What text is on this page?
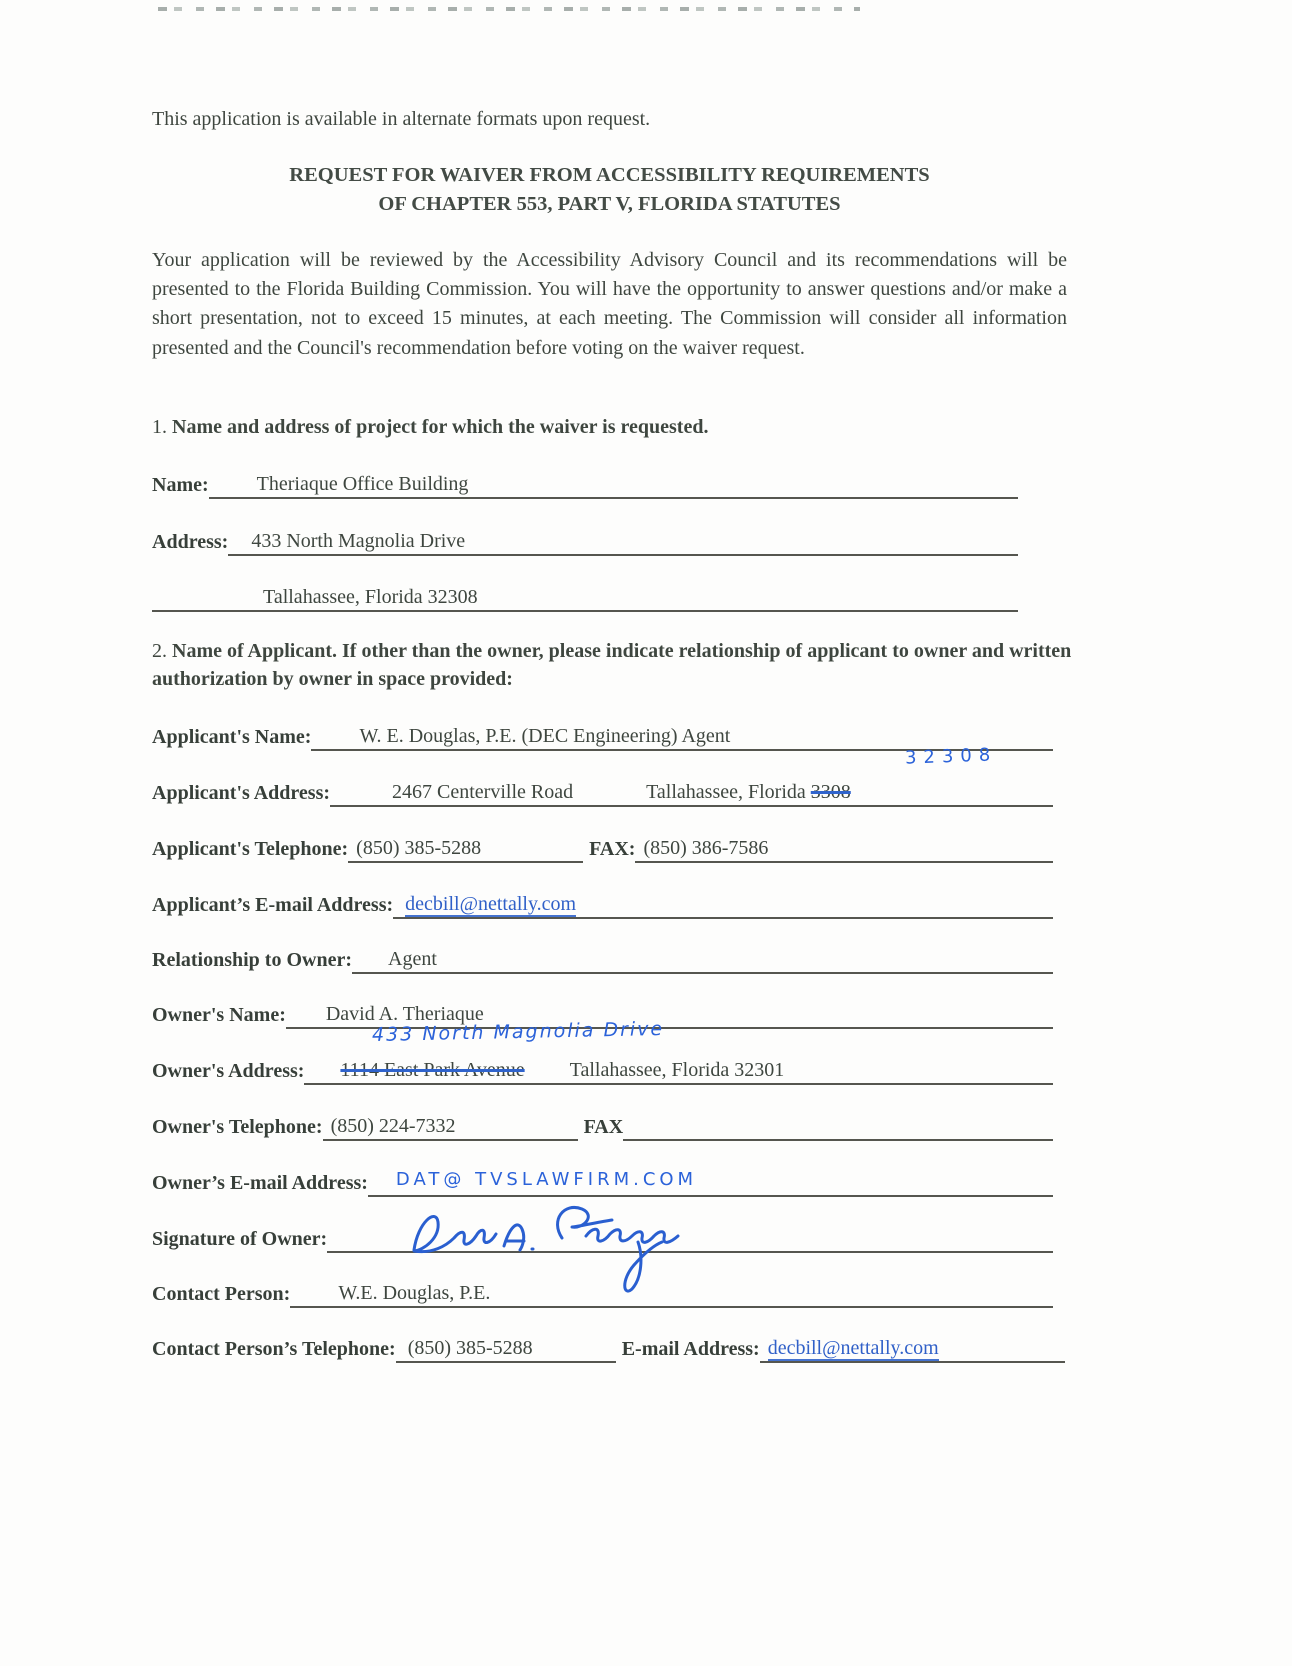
This application is available in alternate formats upon request.
REQUEST FOR WAIVER FROM ACCESSIBILITY REQUIREMENTS
OF CHAPTER 553, PART V, FLORIDA STATUTES
Your application will be reviewed by the Accessibility Advisory Council and its recommendations will be presented to the Florida Building Commission. You will have the opportunity to answer questions and/or make a short presentation, not to exceed 15 minutes, at each meeting. The Commission will consider all information presented and the Council's recommendation before voting on the waiver request.
1. Name and address of project for which the waiver is requested.
Name:	Theriaque Office Building
Address:	433 North Magnolia Drive
Tallahassee, Florida 32308
2. Name of Applicant. If other than the owner, please indicate relationship of applicant to owner and written authorization by owner in space provided:
Applicant's Name:	W. E. Douglas, P.E. (DEC Engineering) Agent
32308
Applicant's Address:	2467 Centerville Road	Tallahassee, Florida 3308
Applicant's Telephone: (850) 385-5288	FAX: (850) 386-7586
Applicant’s E-mail Address: decbill@nettally.com
Relationship to Owner:	Agent
Owner's Name:	David A. Theriaque
433 North Magnolia Drive
Owner's Address:	1114 East Park Avenue Tallahassee, Florida 32301
Owner's Telephone: (850) 224-7332	FAX
Owner’s E-mail Address:	DAT@ TVSLAWFIRM.COM
Signature of Owner:
Contact Person:	W.E. Douglas, P.E.
Contact Person’s Telephone: (850) 385-5288	E-mail Address: decbill@nettally.com
